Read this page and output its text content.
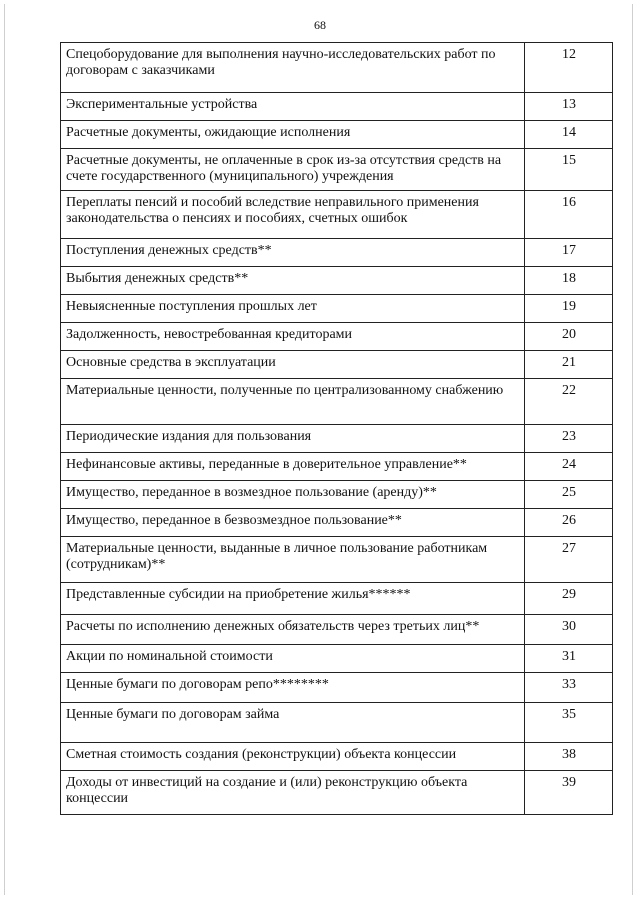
68
Спецоборудование для выполнения научно-исследовательских работ по договорам с заказчиками	12
Экспериментальные устройства	13
Расчетные документы, ожидающие исполнения	14
Расчетные документы, не оплаченные в срок из-за отсутствия средств на счете государственного (муниципального) учреждения	15
Переплаты пенсий и пособий вследствие неправильного применения законодательства о пенсиях и пособиях, счетных ошибок	16
Поступления денежных средств**	17
Выбытия денежных средств**	18
Невыясненные поступления прошлых лет	19
Задолженность, невостребованная кредиторами	20
Основные средства в эксплуатации	21
Материальные ценности, полученные по централизованному снабжению	22
Периодические издания для пользования	23
Нефинансовые активы, переданные в доверительное управление**	24
Имущество, переданное в возмездное пользование (аренду)**	25
Имущество, переданное в безвозмездное пользование**	26
Материальные ценности, выданные в личное пользование работникам (сотрудникам)**	27
Представленные субсидии на приобретение жилья******	29
Расчеты по исполнению денежных обязательств через третьих лиц**	30
Акции по номинальной стоимости	31
Ценные бумаги по договорам репо********	33
Ценные бумаги по договорам займа	35
Сметная стоимость создания (реконструкции) объекта концессии	38
Доходы от инвестиций на создание и (или) реконструкцию объекта концессии	39
